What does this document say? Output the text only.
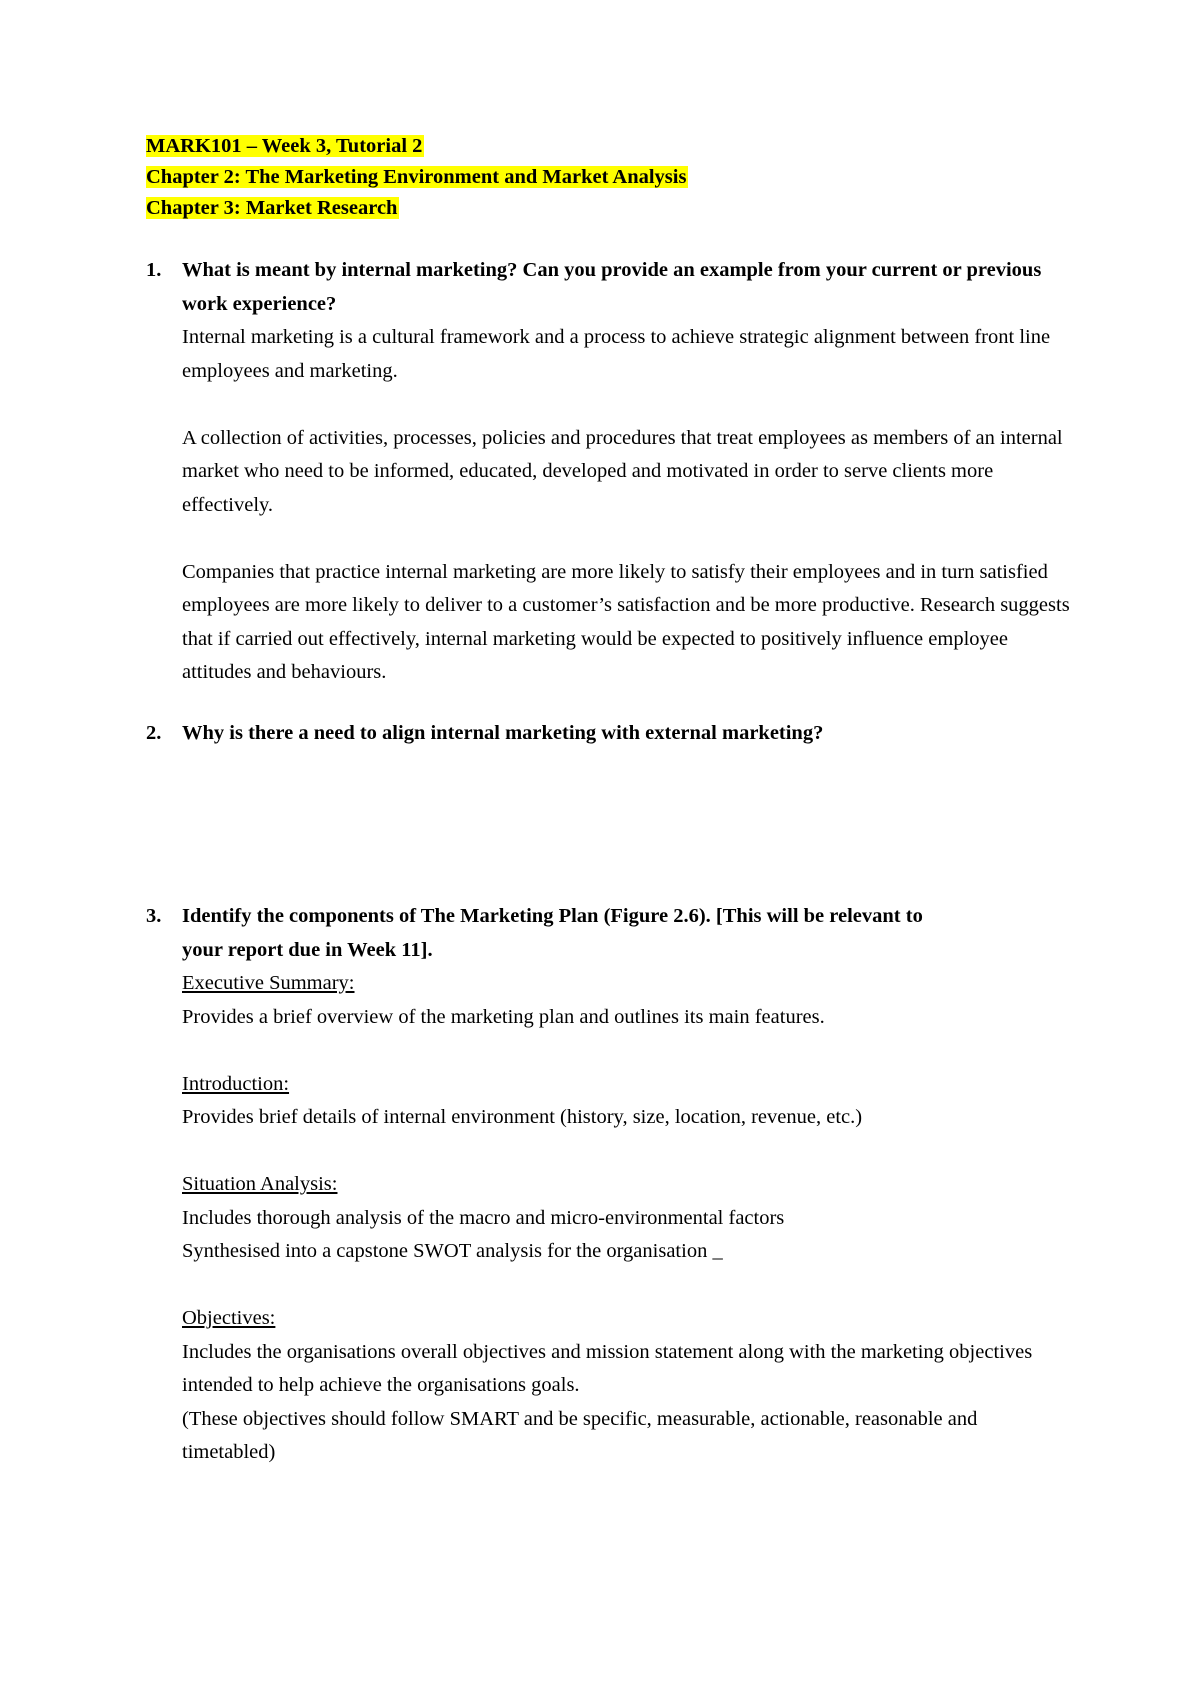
MARK101 – Week 3, Tutorial 2
Chapter 2: The Marketing Environment and Market Analysis
Chapter 3: Market Research
1. What is meant by internal marketing? Can you provide an example from your current or previous work experience?

Internal marketing is a cultural framework and a process to achieve strategic alignment between front line employees and marketing.

A collection of activities, processes, policies and procedures that treat employees as members of an internal market who need to be informed, educated, developed and motivated in order to serve clients more effectively.

Companies that practice internal marketing are more likely to satisfy their employees and in turn satisfied employees are more likely to deliver to a customer’s satisfaction and be more productive. Research suggests that if carried out effectively, internal marketing would be expected to positively influence employee attitudes and behaviours.

2. Why is there a need to align internal marketing with external marketing?

3. Identify the components of The Marketing Plan (Figure 2.6). [This will be relevant to your report due in Week 11].

Executive Summary:

Provides a brief overview of the marketing plan and outlines its main features.

Introduction:

Provides brief details of internal environment (history, size, location, revenue, etc.)

Situation Analysis:

Includes thorough analysis of the macro and micro-environmental factors

Synthesised into a capstone SWOT analysis for the organisation _

Objectives:

Includes the organisations overall objectives and mission statement along with the marketing objectives intended to help achieve the organisations goals.

(These objectives should follow SMART and be specific, measurable, actionable, reasonable and timetabled)
